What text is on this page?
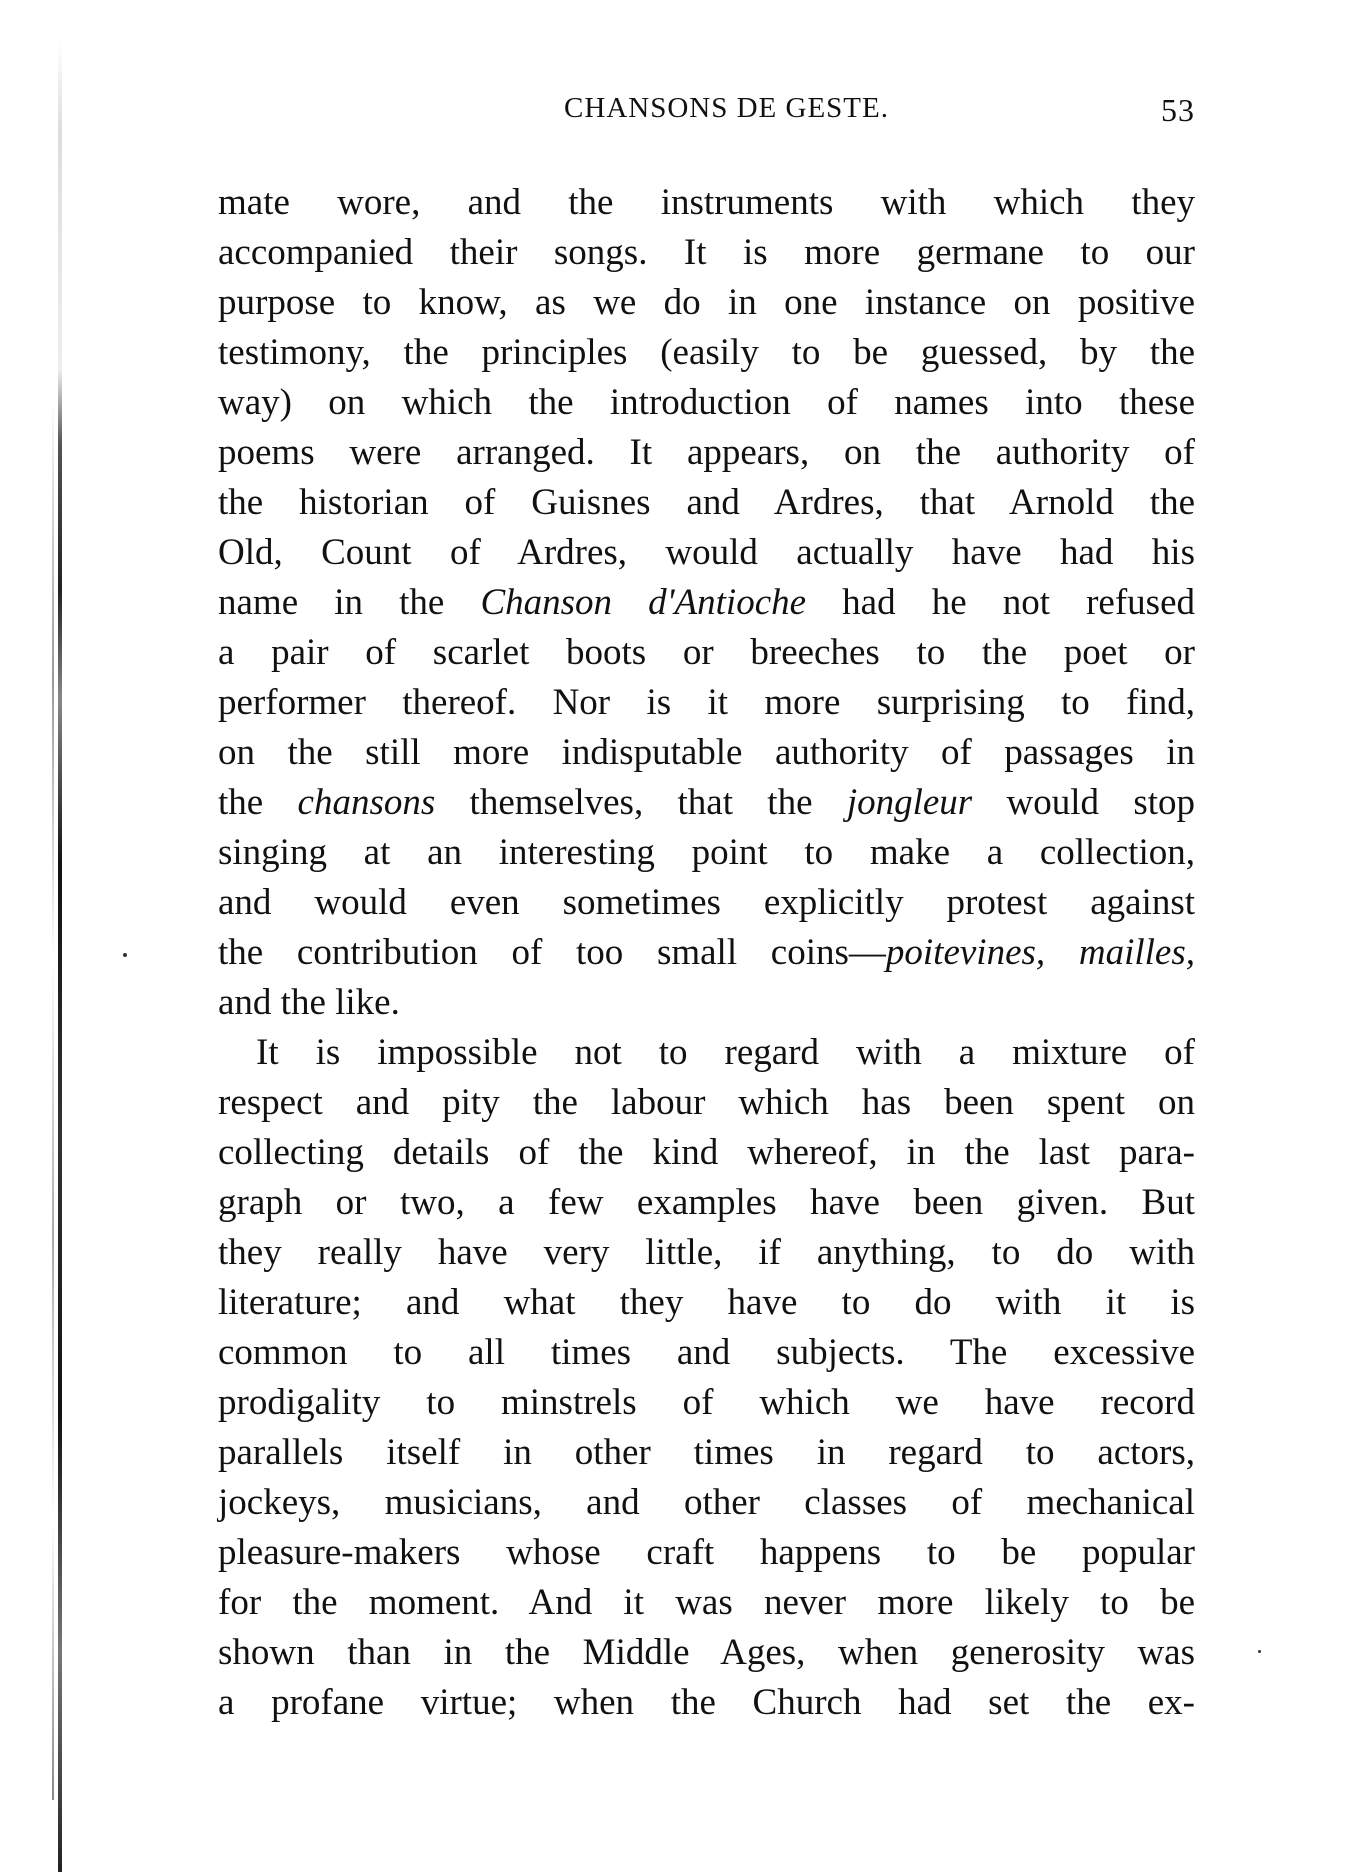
CHANSONS DE GESTE.	53
mate wore, and the instruments with which they
accompanied their songs. It is more germane to our
purpose to know, as we do in one instance on positive
testimony, the principles (easily to be guessed, by the
way) on which the introduction of names into these
poems were arranged. It appears, on the authority of
the historian of Guisnes and Ardres, that Arnold the
Old, Count of Ardres, would actually have had his
name in the Chanson d'Antioche had he not refused
a pair of scarlet boots or breeches to the poet or
performer thereof. Nor is it more surprising to find,
on the still more indisputable authority of passages in
the chansons themselves, that the jongleur would stop
singing at an interesting point to make a collection,
and would even sometimes explicitly protest against
the contribution of too small coins—poitevines, mailles,
and the like.
It is impossible not to regard with a mixture of
respect and pity the labour which has been spent on
collecting details of the kind whereof, in the last para-
graph or two, a few examples have been given. But
they really have very little, if anything, to do with
literature; and what they have to do with it is
common to all times and subjects. The excessive
prodigality to minstrels of which we have record
parallels itself in other times in regard to actors,
jockeys, musicians, and other classes of mechanical
pleasure-makers whose craft happens to be popular
for the moment. And it was never more likely to be
shown than in the Middle Ages, when generosity was
a profane virtue; when the Church had set the ex-
